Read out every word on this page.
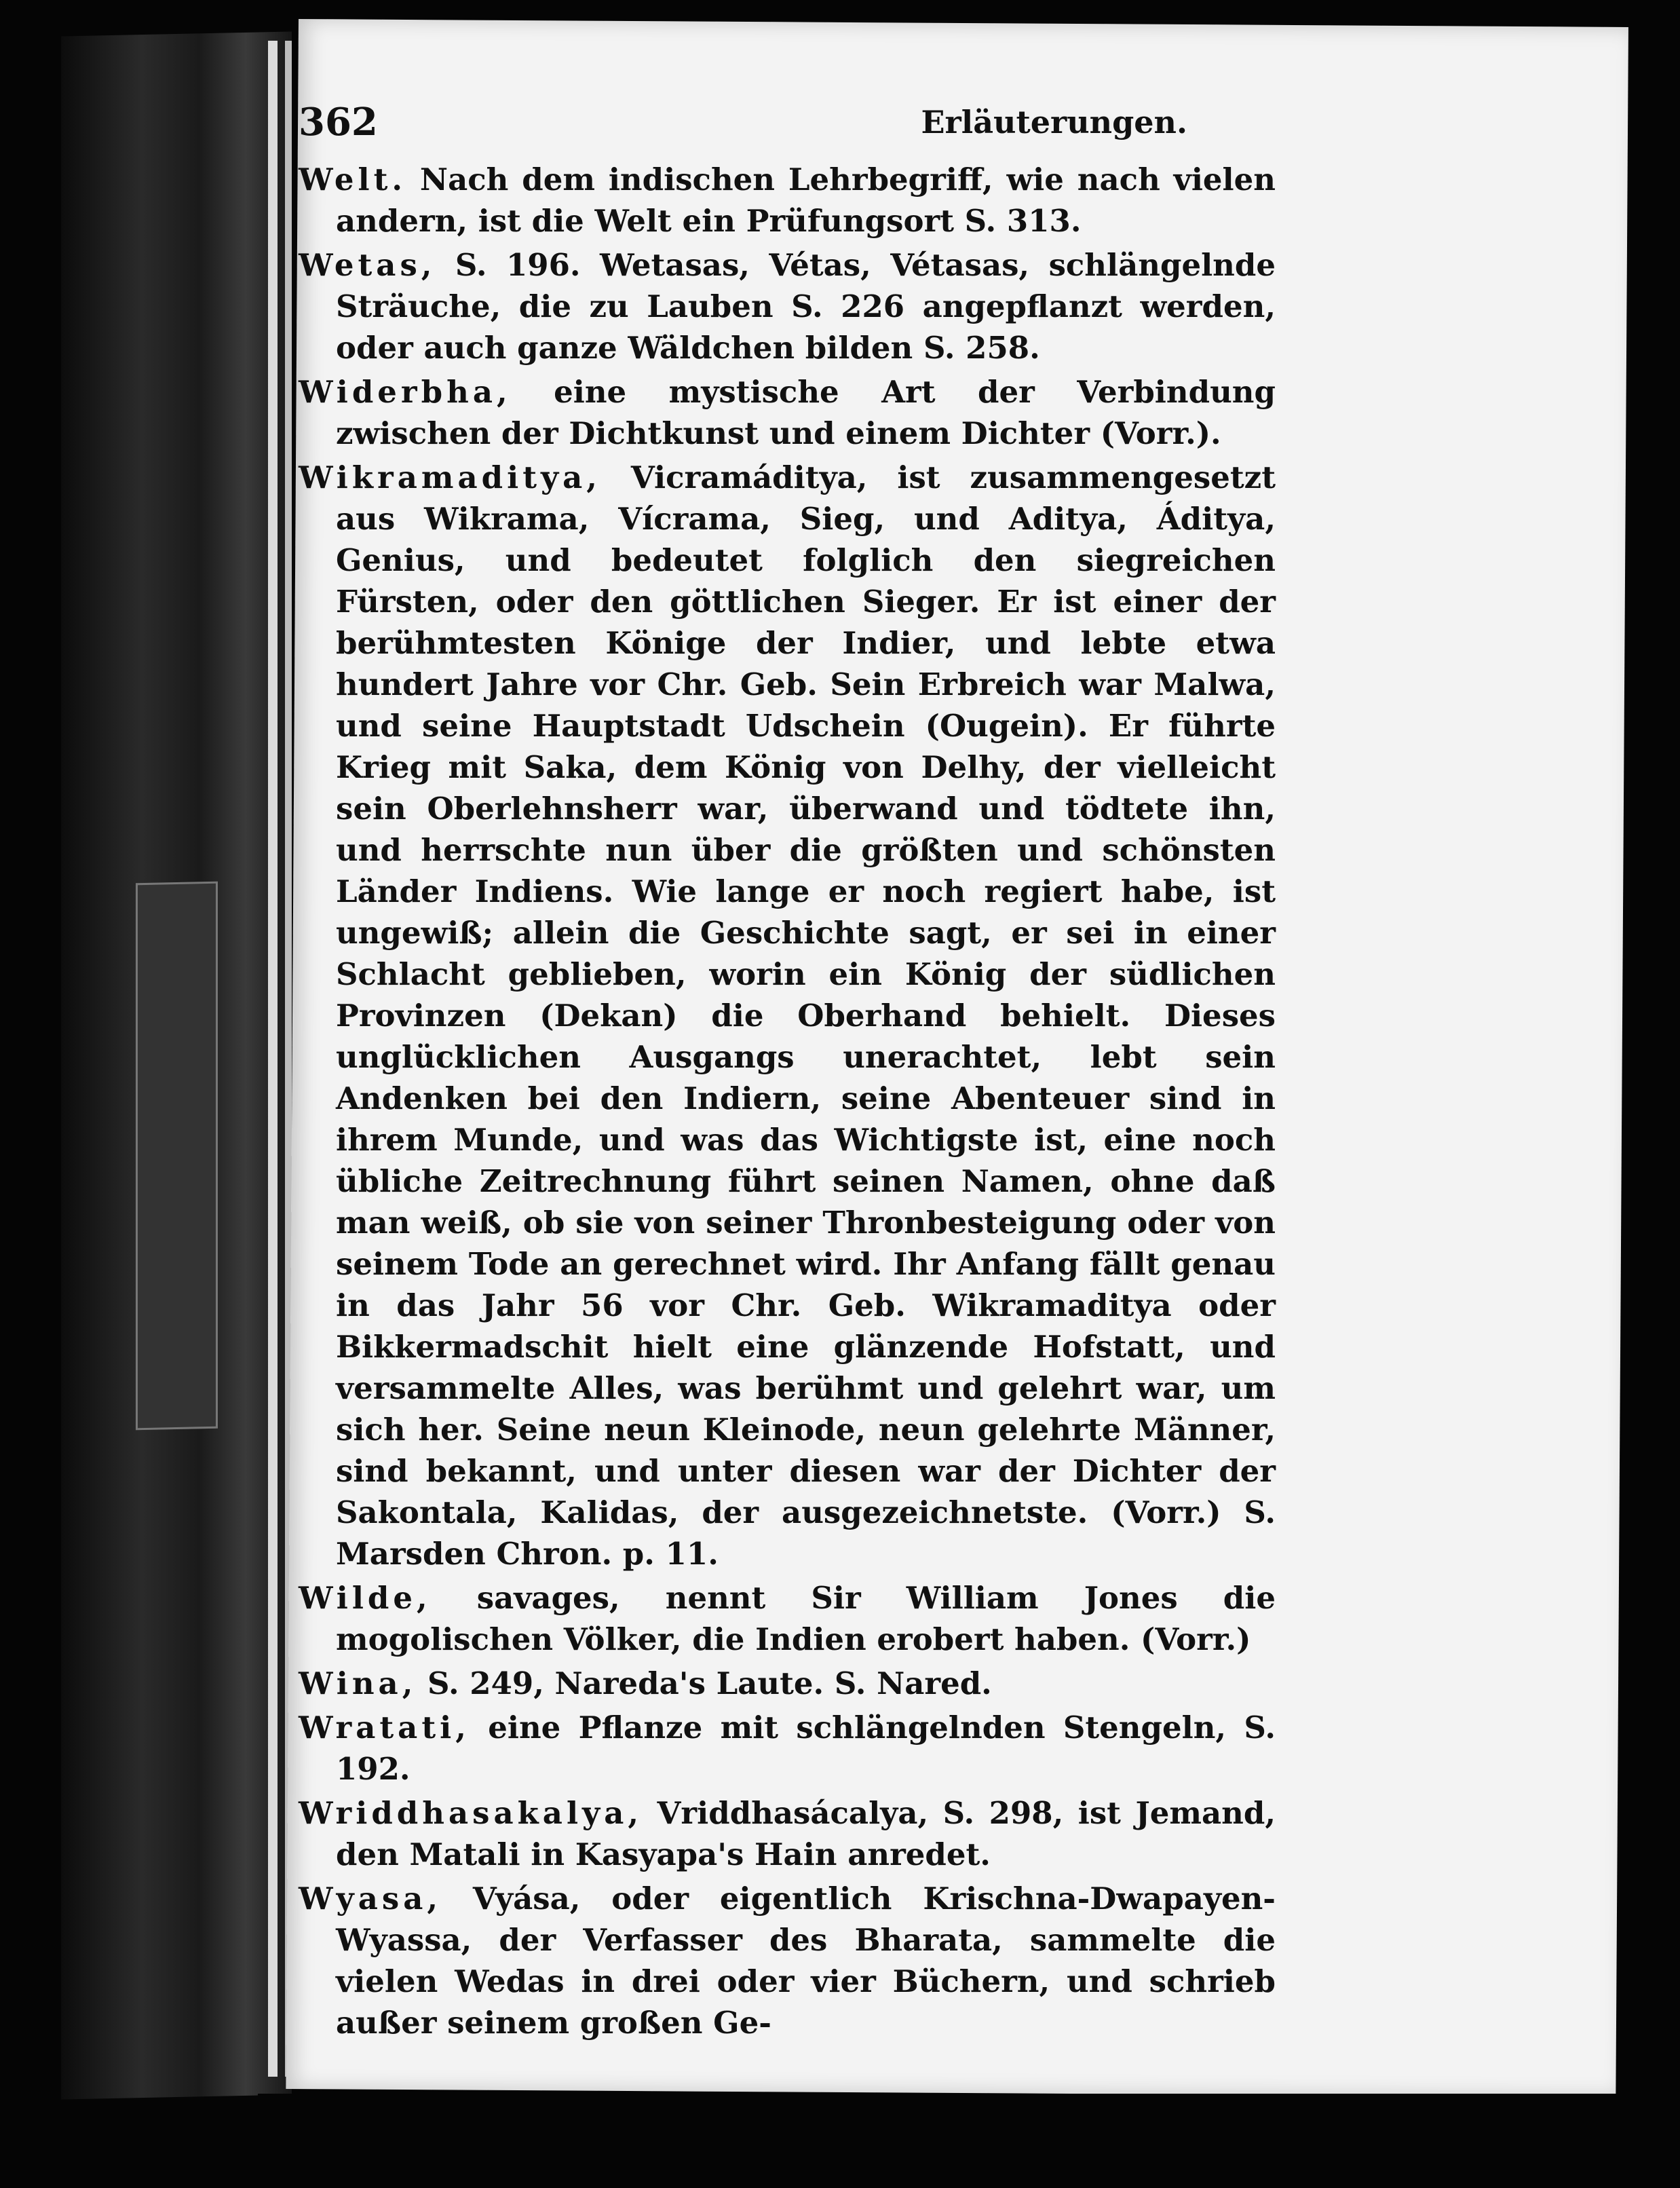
362	Erläuterungen.

Welt. Nach dem indischen Lehrbegriff, wie nach vielen andern, ist die Welt ein Prüfungsort S. 313.

Wetas, S. 196. Wetasas, Vétas, Vétasas, schlängelnde Sträuche, die zu Lauben S. 226 angepflanzt werden, oder auch ganze Wäldchen bilden S. 258.

Widerbha, eine mystische Art der Verbindung zwischen der Dichtkunst und einem Dichter (Vorr.).

Wikramaditya, Vicramáditya, ist zusammengesetzt aus Wikrama, Vícrama, Sieg, und Aditya, Áditya, Genius, und bedeutet folglich den siegreichen Fürsten, oder den göttlichen Sieger. Er ist einer der berühmtesten Könige der Indier, und lebte etwa hundert Jahre vor Chr. Geb. Sein Erbreich war Malwa, und seine Hauptstadt Udschein (Ougein). Er führte Krieg mit Saka, dem König von Delhy, der vielleicht sein Oberlehnsherr war, überwand und tödtete ihn, und herrschte nun über die größten und schönsten Länder Indiens. Wie lange er noch regiert habe, ist ungewiß; allein die Geschichte sagt, er sei in einer Schlacht geblieben, worin ein König der südlichen Provinzen (Dekan) die Oberhand behielt. Dieses unglücklichen Ausgangs unerachtet, lebt sein Andenken bei den Indiern, seine Abenteuer sind in ihrem Munde, und was das Wichtigste ist, eine noch übliche Zeitrechnung führt seinen Namen, ohne daß man weiß, ob sie von seiner Thronbesteigung oder von seinem Tode an gerechnet wird. Ihr Anfang fällt genau in das Jahr 56 vor Chr. Geb. Wikramaditya oder Bikkermadschit hielt eine glänzende Hofstatt, und versammelte Alles, was berühmt und gelehrt war, um sich her. Seine neun Kleinode, neun gelehrte Männer, sind bekannt, und unter diesen war der Dichter der Sakontala, Kalidas, der ausgezeichnetste. (Vorr.) S. Marsden Chron. p. 11.

Wilde, savages, nennt Sir William Jones die mogolischen Völker, die Indien erobert haben. (Vorr.)

Wina, S. 249, Nareda's Laute. S. Nared.

Wratati, eine Pflanze mit schlängelnden Stengeln, S. 192.

Wriddhasakalya, Vriddhasácalya, S. 298, ist Jemand, den Matali in Kasyapa's Hain anredet.

Wyasa, Vyása, oder eigentlich Krischna-Dwapayen-Wyassa, der Verfasser des Bharata, sammelte die vielen Wedas in drei oder vier Büchern, und schrieb außer seinem großen Ge-
